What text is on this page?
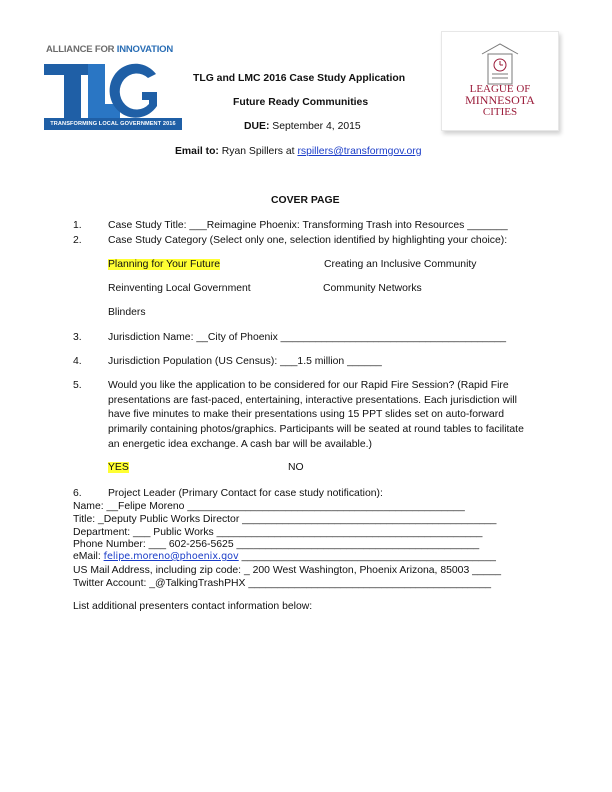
ALLIANCE FOR INNOVATION
TRANSFORMING LOCAL GOVERNMENT 2016
LEAGUE OF
MINNESOTA
CITIES
TLG and LMC 2016 Case Study Application
Future Ready Communities
DUE: September 4, 2015
Email to: Ryan Spillers at rspillers@transformgov.org
COVER PAGE
1.	Case Study Title: ___Reimagine Phoenix: Transforming Trash into Resources _______
2.	Case Study Category (Select only one, selection identified by highlighting your choice):
Planning for Your Future	Creating an Inclusive Community
Reinventing Local Government	Community Networks
Blinders
3.	Jurisdiction Name: __City of Phoenix _______________________________________
4.	Jurisdiction Population (US Census): ___1.5 million ______
5.	Would you like the application to be considered for our Rapid Fire Session? (Rapid Fire presentations are fast-paced, entertaining, interactive presentations. Each jurisdiction will have five minutes to make their presentations using 15 PPT slides set on auto-forward primarily containing photos/graphics. Participants will be seated at round tables to facilitate an energetic idea exchange. A cash bar will be available.)
YES	NO
6.	Project Leader (Primary Contact for case study notification):
Name: __Felipe Moreno ________________________________________________
Title: _Deputy Public Works Director ____________________________________________
Department: ___ Public Works ______________________________________________
Phone Number: ___ 602-256-5625 __________________________________________
eMail: felipe.moreno@phoenix.gov ____________________________________________
US Mail Address, including zip code: _ 200 West Washington, Phoenix Arizona, 85003 _____
Twitter Account: _@TalkingTrashPHX __________________________________________
List additional presenters contact information below:
